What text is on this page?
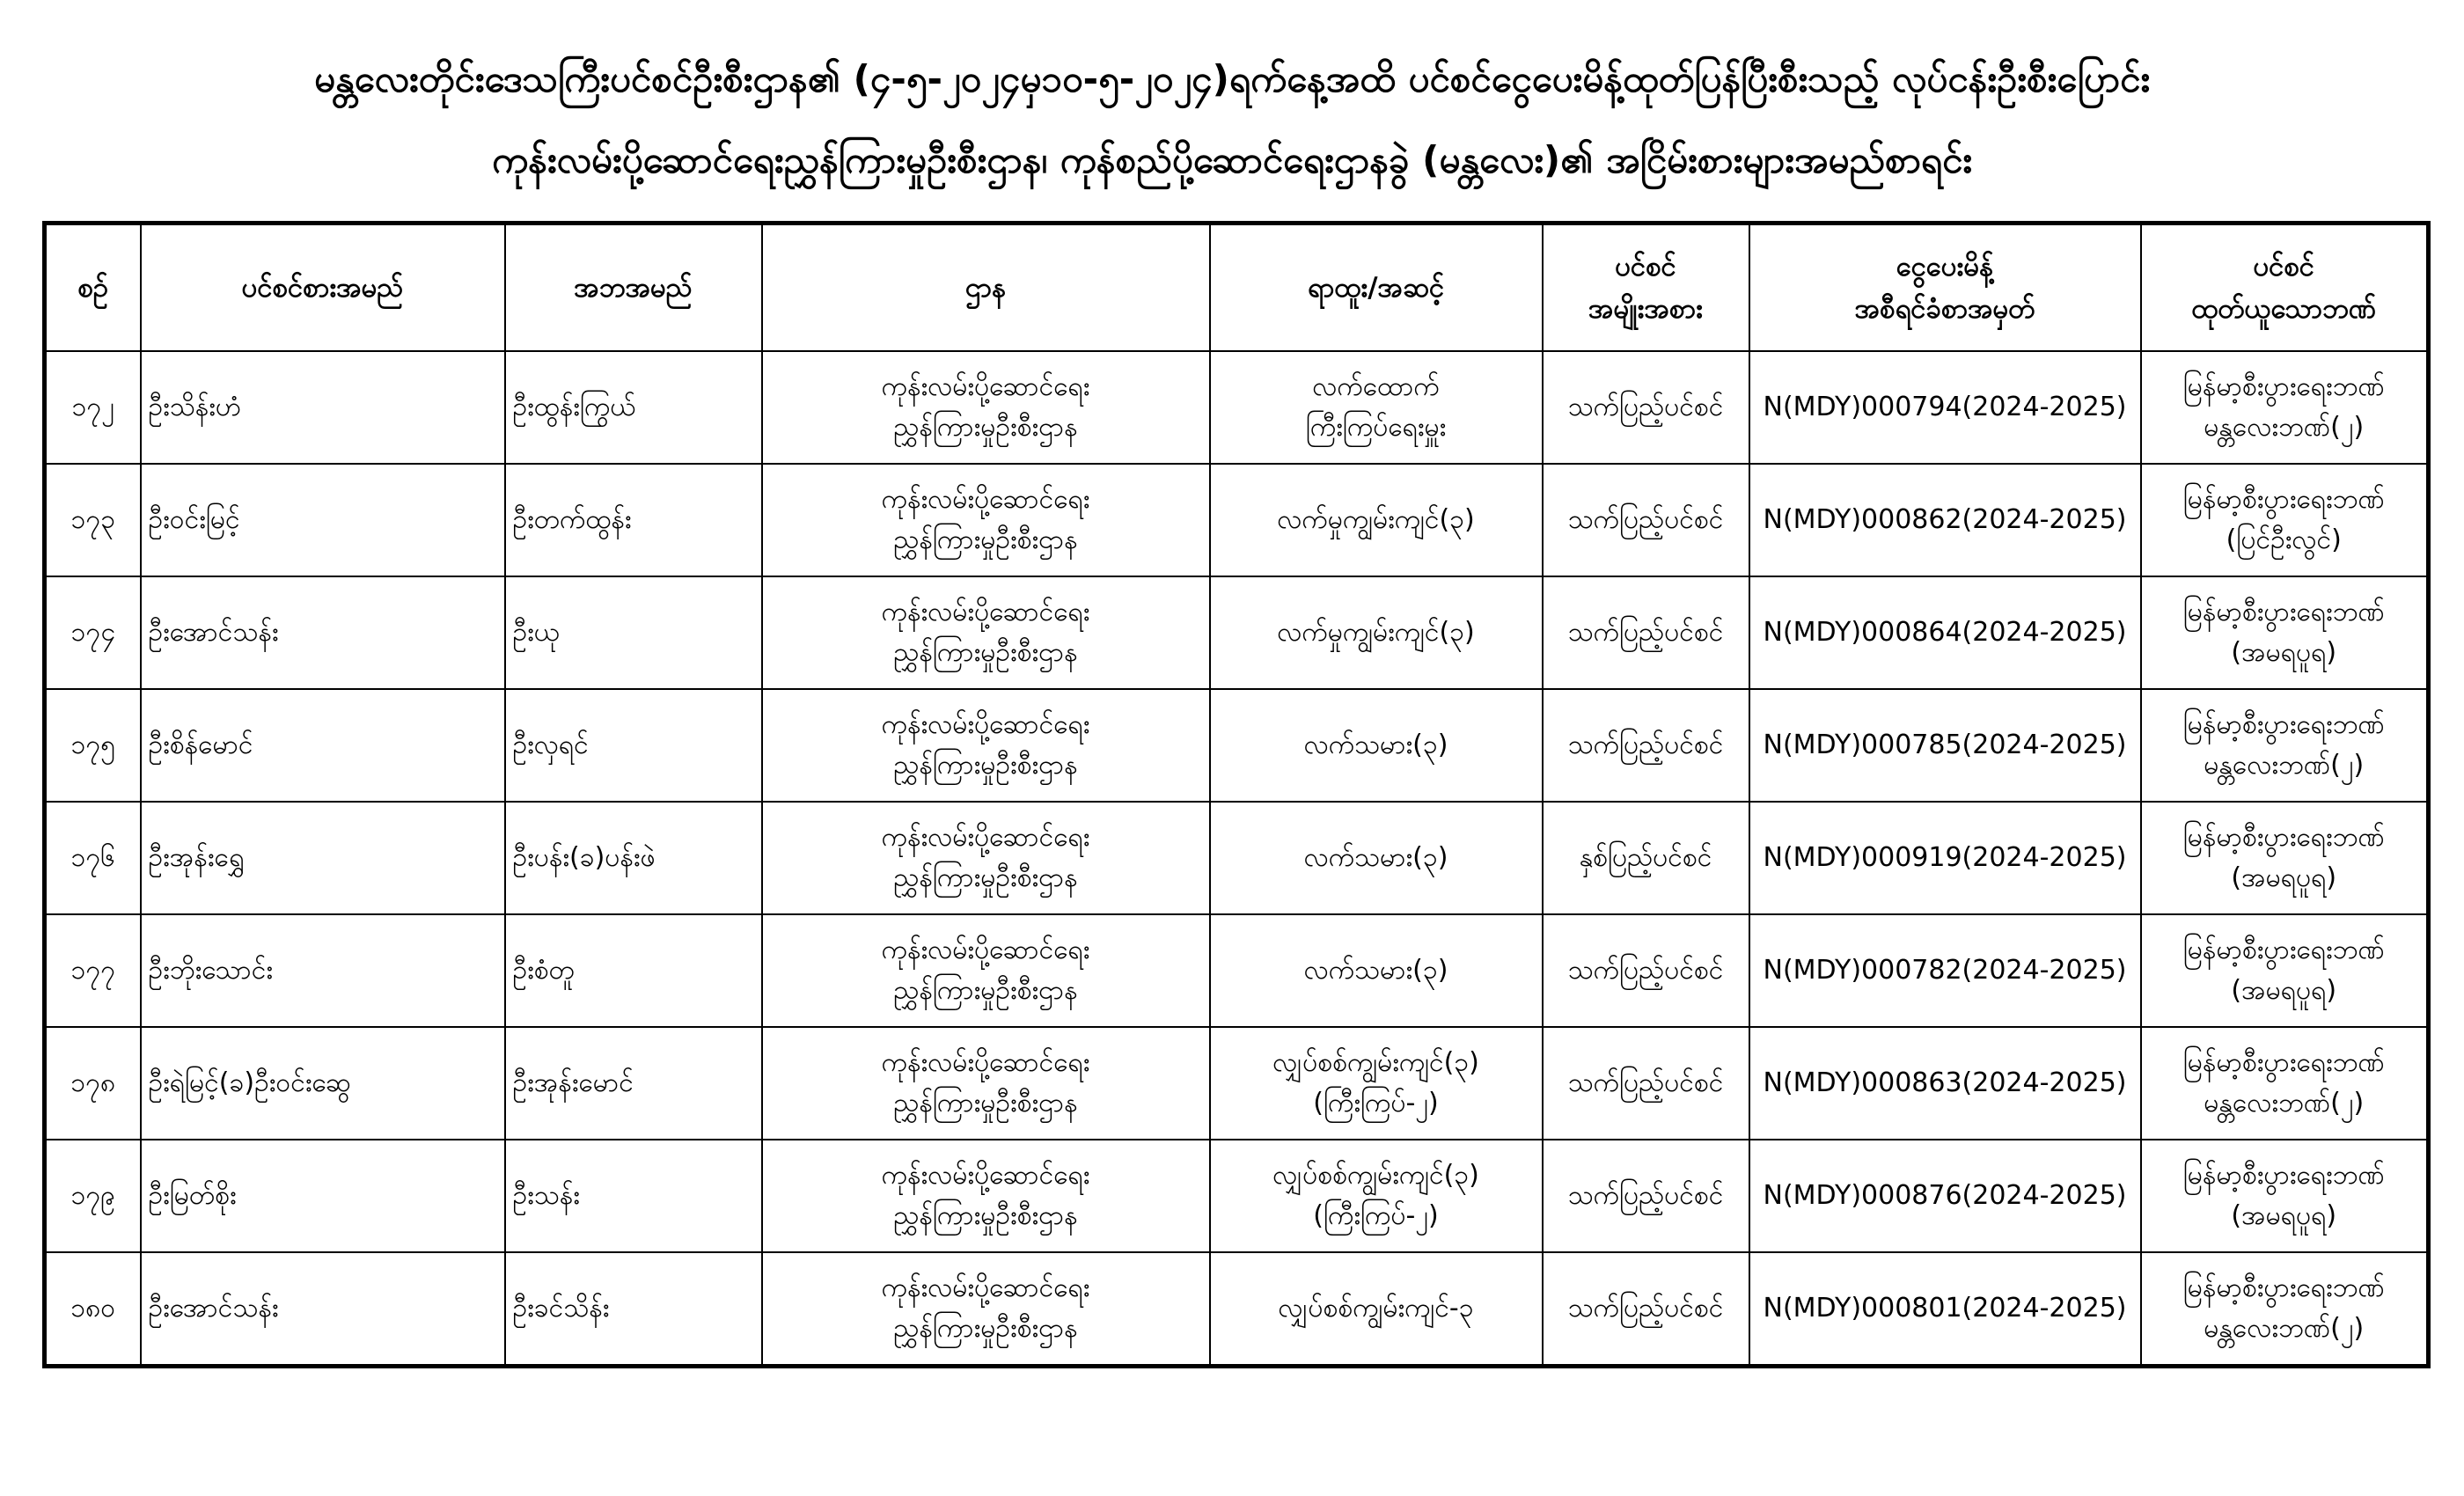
မန္တလေးတိုင်းဒေသကြီးပင်စင်ဦးစီးဌာန၏ (၄-၅-၂၀၂၄မှ၁၀-၅-၂၀၂၄)ရက်နေ့အထိ ပင်စင်ငွေပေးမိန့်ထုတ်ပြန်ပြီးစီးသည့် လုပ်ငန်းဦးစီးပြောင်း
ကုန်းလမ်းပို့ဆောင်ရေးညွှန်ကြားမှုဦးစီးဌာန၊ ကုန်စည်ပို့ဆောင်ရေးဌာနခွဲ (မန္တလေး)၏ အငြိမ်းစားများအမည်စာရင်း
စဉ်	ပင်စင်စားအမည်	အဘအမည်	ဌာန	ရာထူး/အဆင့်	ပင်စင်
အမျိုးအစား	ငွေပေးမိန့်
အစီရင်ခံစာအမှတ်	ပင်စင်
ထုတ်ယူသောဘဏ်

၁၇၂	ဦးသိန်းဟံ	ဦးထွန်းကြွယ်	ကုန်းလမ်းပို့ဆောင်ရေး
ညွှန်ကြားမှုဦးစီးဌာန	လက်ထောက်
ကြီးကြပ်ရေးမှူး	သက်ပြည့်ပင်စင်	N(MDY)000794(2024-2025)	မြန်မာ့စီးပွားရေးဘဏ်
မန္တလေးဘဏ်(၂)

၁၇၃	ဦးဝင်းမြင့်	ဦးတက်ထွန်း	ကုန်းလမ်းပို့ဆောင်ရေး
ညွှန်ကြားမှုဦးစီးဌာန	လက်မှုကျွမ်းကျင်(၃)	သက်ပြည့်ပင်စင်	N(MDY)000862(2024-2025)	မြန်မာ့စီးပွားရေးဘဏ်
(ပြင်ဦးလွင်)

၁၇၄	ဦးအောင်သန်း	ဦးယု	ကုန်းလမ်းပို့ဆောင်ရေး
ညွှန်ကြားမှုဦးစီးဌာန	လက်မှုကျွမ်းကျင်(၃)	သက်ပြည့်ပင်စင်	N(MDY)000864(2024-2025)	မြန်မာ့စီးပွားရေးဘဏ်
(အမရပူရ)

၁၇၅	ဦးစိန်မောင်	ဦးလှရင်	ကုန်းလမ်းပို့ဆောင်ရေး
ညွှန်ကြားမှုဦးစီးဌာန	လက်သမား(၃)	သက်ပြည့်ပင်စင်	N(MDY)000785(2024-2025)	မြန်မာ့စီးပွားရေးဘဏ်
မန္တလေးဘဏ်(၂)

၁၇၆	ဦးအုန်းရွှေ	ဦးပန်း(ခ)ပန်းဖဲ	ကုန်းလမ်းပို့ဆောင်ရေး
ညွှန်ကြားမှုဦးစီးဌာန	လက်သမား(၃)	နှစ်ပြည့်ပင်စင်	N(MDY)000919(2024-2025)	မြန်မာ့စီးပွားရေးဘဏ်
(အမရပူရ)

၁၇၇	ဦးဘိုးသောင်း	ဦးစံတူ	ကုန်းလမ်းပို့ဆောင်ရေး
ညွှန်ကြားမှုဦးစီးဌာန	လက်သမား(၃)	သက်ပြည့်ပင်စင်	N(MDY)000782(2024-2025)	မြန်မာ့စီးပွားရေးဘဏ်
(အမရပူရ)

၁၇၈	ဦးရဲမြင့်(ခ)ဦးဝင်းဆွေ	ဦးအုန်းမောင်	ကုန်းလမ်းပို့ဆောင်ရေး
ညွှန်ကြားမှုဦးစီးဌာန	လျှပ်စစ်ကျွမ်းကျင်(၃)
(ကြီးကြပ်-၂)	သက်ပြည့်ပင်စင်	N(MDY)000863(2024-2025)	မြန်မာ့စီးပွားရေးဘဏ်
မန္တလေးဘဏ်(၂)

၁၇၉	ဦးမြတ်စိုး	ဦးသန်း	ကုန်းလမ်းပို့ဆောင်ရေး
ညွှန်ကြားမှုဦးစီးဌာန	လျှပ်စစ်ကျွမ်းကျင်(၃)
(ကြီးကြပ်-၂)	သက်ပြည့်ပင်စင်	N(MDY)000876(2024-2025)	မြန်မာ့စီးပွားရေးဘဏ်
(အမရပူရ)

၁၈၀	ဦးအောင်သန်း	ဦးခင်သိန်း	ကုန်းလမ်းပို့ဆောင်ရေး
ညွှန်ကြားမှုဦးစီးဌာန	လျှပ်စစ်ကျွမ်းကျင်-၃	သက်ပြည့်ပင်စင်	N(MDY)000801(2024-2025)	မြန်မာ့စီးပွားရေးဘဏ်
မန္တလေးဘဏ်(၂)
